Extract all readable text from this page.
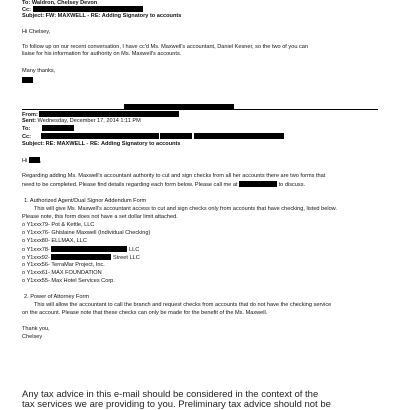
To: Waldron, Chelsey Devon
Cc:
Subject: FW: MAXWELL - RE: Adding Signatory to accounts
Hi Chelsey,
To follow up on our recent conversation, I have cc'd Ms. Maxwell's accountant, Daniel Kesner, so the two of you can
liaise for his information for authority on Ms. Maxwell's accounts.
Many thanks,
From:
Sent: Wednesday, December 17, 2014 1:11 PM
To:
Cc:
Subject: RE: MAXWELL - RE: Adding Signatory to accounts
Hi ,
Regarding adding Ms. Maxwell's accountant authority to cut and sign checks from all her accounts there are two forms that
need to be completed. Please find details regarding each form below. Please call me at	to discuss.
1. Authorized Agent/Dual Signor Addendum Form
This will give Ms. Maxwell's accountant access to cut and sign checks only from accounts that have checking, listed below.
Please note, this form does not have a set dollar limit attached.
o Y1xxx79- Pot & Kettle, LLC
o Y1xxx76- Ghislaine Maxwell (Individual Checking)
o Y1xxx80- ELLMAX, LLC
o Y1xxx78-	LLC
o Y1xxx92-	Street LLC
o Y1xxx56- TerraMar Project, Inc.
o Y1xxx61- MAX FOUNDATION
o Y1xxx55- Max Hotel Services Corp.
2. Power of Attorney Form
This will allow the accountant to call the branch and request checks from accounts that do not have the checking service
on the account. Please note that these checks can only be made for the benefit of the Ms. Maxwell.
Thank you,
Chelsey
Any tax advice in this e-mail should be considered in the context of the
tax services we are providing to you. Preliminary tax advice should not be
